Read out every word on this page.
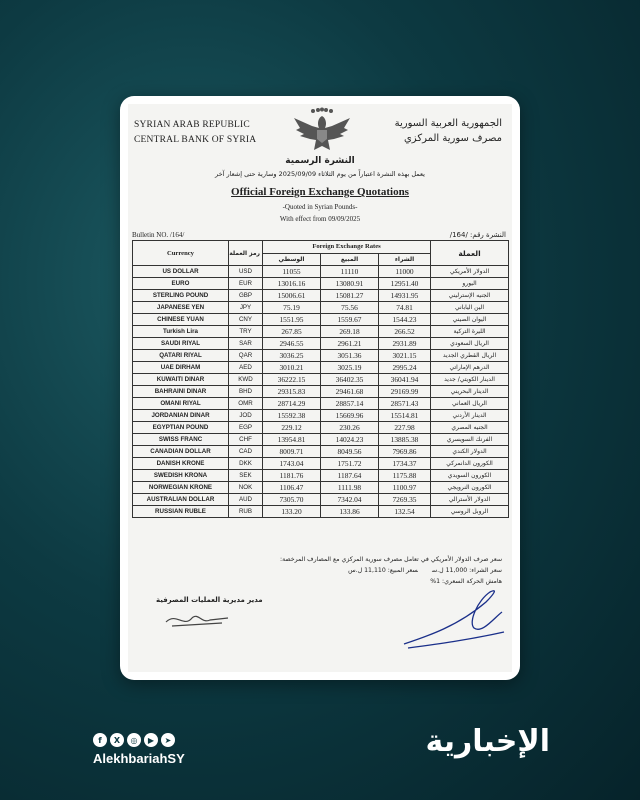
SYRIAN ARAB REPUBLIC
CENTRAL BANK OF SYRIA
الجمهورية العربية السورية
مصرف سورية المركزي
النشرة الرسمية
يعمل بهذه النشرة اعتباراً من يوم الثلاثاء 2025/09/09 وسارية حتى إشعار آخر
Official Foreign Exchange Quotations
-Quoted in Syrian Pounds-
With effect from 09/09/2025
Bulletin NO. /164/	النشرة رقم: /164/
Currency	رمز العملة	Foreign Exchange Rates			العملة
		الوسطي	المبيع	الشراء	
US DOLLAR	USD	11055	11110	11000	الدولار الأمريكي
EURO	EUR	13016.16	13080.91	12951.40	اليورو
STERLING POUND	GBP	15006.61	15081.27	14931.95	الجنيه الإسترليني
JAPANESE YEN	JPY	75.19	75.56	74.81	الين الياباني
CHINESE YUAN	CNY	1551.95	1559.67	1544.23	اليوان الصيني
Turkish Lira	TRY	267.85	269.18	266.52	الليرة التركية
SAUDI RIYAL	SAR	2946.55	2961.21	2931.89	الريال السعودي
QATARI RIYAL	QAR	3036.25	3051.36	3021.15	الريال القطري الجديد
UAE DIRHAM	AED	3010.21	3025.19	2995.24	الدرهم الإماراتي
KUWAITI DINAR	KWD	36222.15	36402.35	36041.94	الدينار الكويتي/ جديد
BAHRAINI DINAR	BHD	29315.83	29461.68	29169.99	الدينار البحريني
OMANI RIYAL	OMR	28714.29	28857.14	28571.43	الريال العماني
JORDANIAN DINAR	JOD	15592.38	15669.96	15514.81	الدينار الأردني
EGYPTIAN POUND	EGP	229.12	230.26	227.98	الجنيه المصري
SWISS FRANC	CHF	13954.81	14024.23	13885.38	الفرنك السويسري
CANADIAN DOLLAR	CAD	8009.71	8049.56	7969.86	الدولار الكندي
DANISH KRONE	DKK	1743.04	1751.72	1734.37	الكورون الدانمركي
SWEDISH KRONA	SEK	1181.76	1187.64	1175.88	الكورون السويدي
NORWEGIAN KRONE	NOK	1106.47	1111.98	1100.97	الكورون النرويجي
AUSTRALIAN DOLLAR	AUD	7305.70	7342.04	7269.35	الدولار الأسترالي
RUSSIAN RUBLE	RUB	133.20	133.86	132.54	الروبل الروسي
سعر صرف الدولار الأمريكي في تعامل مصرف سورية المركزي مع المصارف المرخصة:
سعر الشراء: 11,000 ل.سسعر المبيع: 11,110 ل.س
هامش الحركة السعري: 1%
مدير مديرية العمليات المصرفية
f	X	◎	▶	➤
AlekhbariahSY	الإخبارية
